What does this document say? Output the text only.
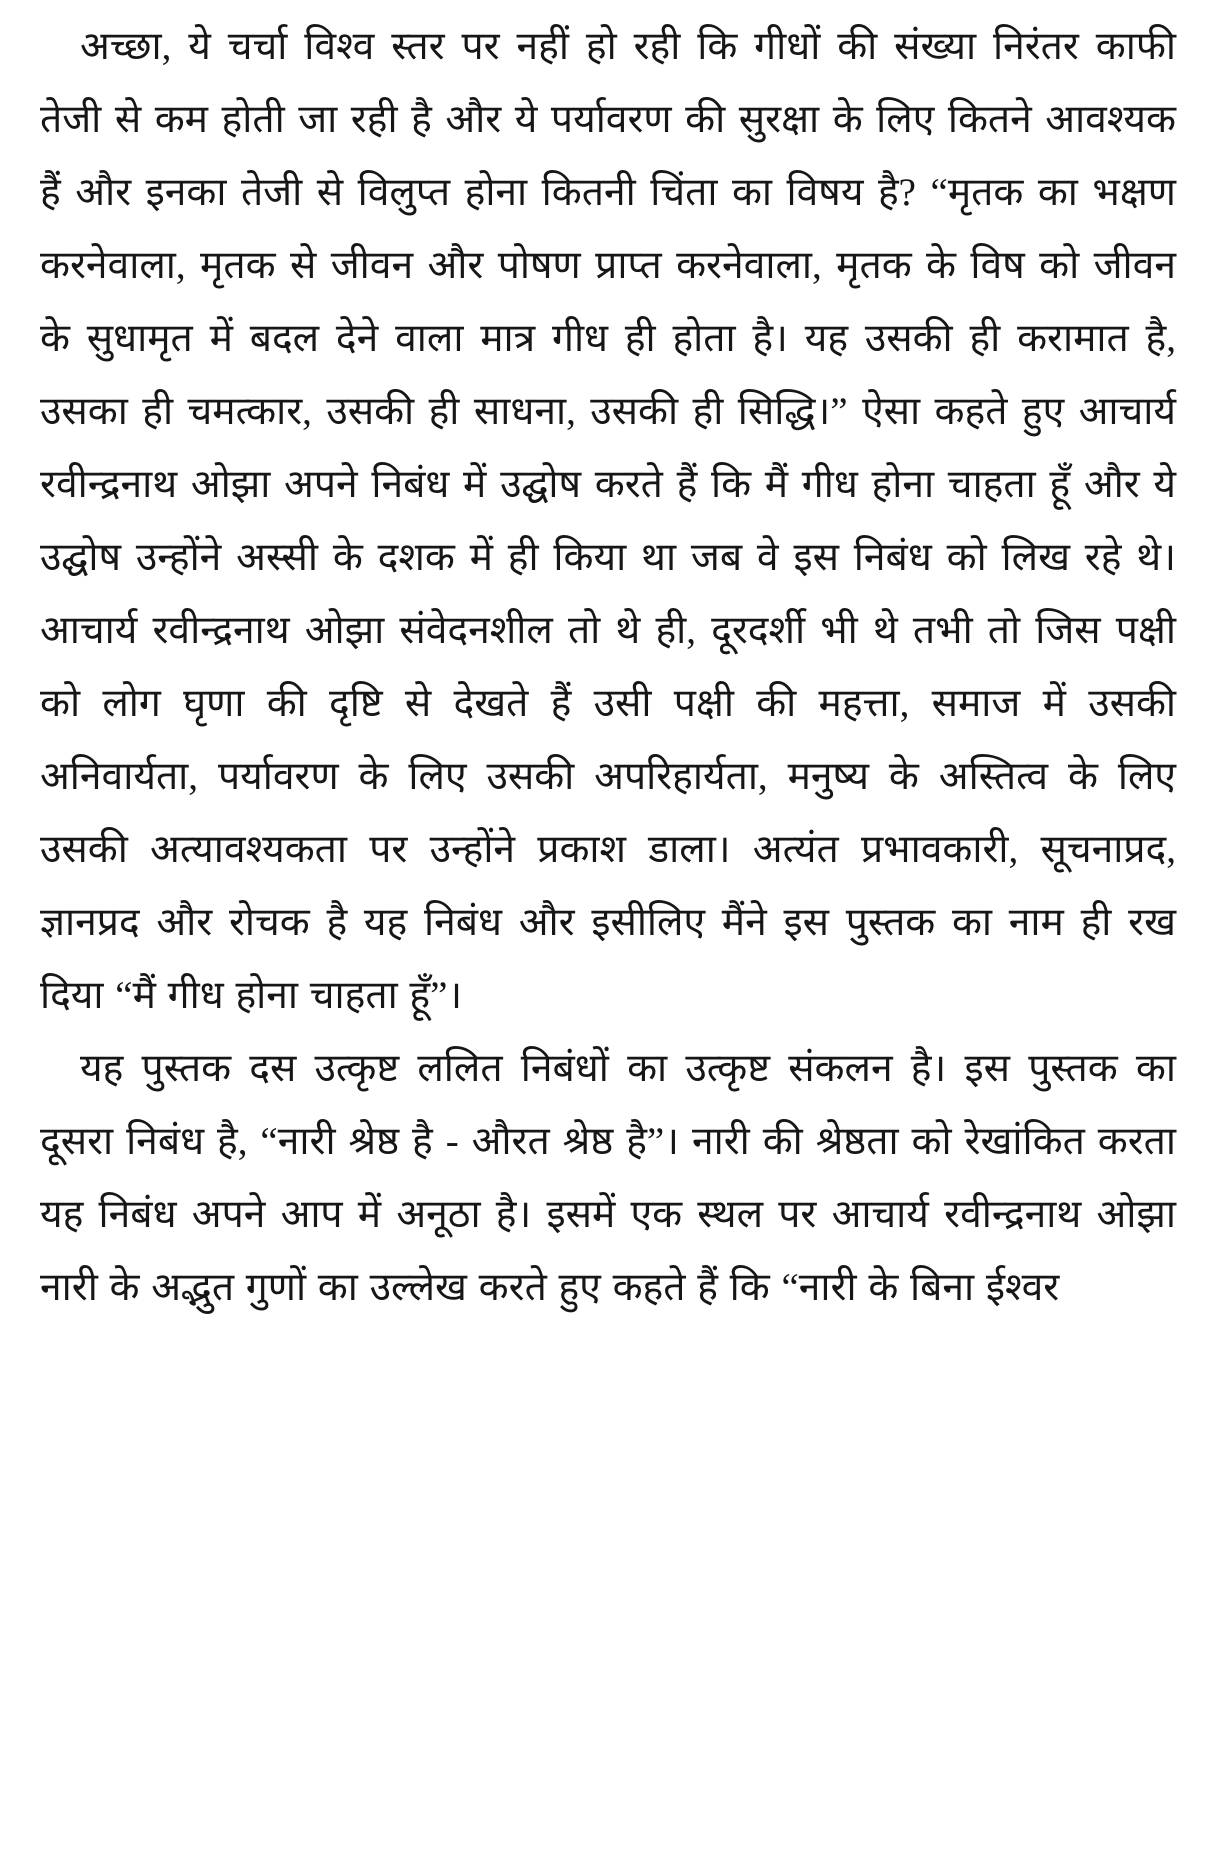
अच्छा, ये चर्चा विश्व स्तर पर नहीं हो रही कि गीधों की संख्या निरंतर काफी तेजी से कम होती जा रही है और ये पर्यावरण की सुरक्षा के लिए कितने आवश्यक हैं और इनका तेजी से विलुप्त होना कितनी चिंता का विषय है? “मृतक का भक्षण करनेवाला, मृतक से जीवन और पोषण प्राप्त करनेवाला, मृतक के विष को जीवन के सुधामृत में बदल देने वाला मात्र गीध ही होता है। यह उसकी ही करामात है, उसका ही चमत्कार, उसकी ही साधना, उसकी ही सिद्धि।” ऐसा कहते हुए आचार्य रवीन्द्रनाथ ओझा अपने निबंध में उद्घोष करते हैं कि मैं गीध होना चाहता हूँ और ये उद्घोष उन्होंने अस्सी के दशक में ही किया था जब वे इस निबंध को लिख रहे थे। आचार्य रवीन्द्रनाथ ओझा संवेदनशील तो थे ही, दूरदर्शी भी थे तभी तो जिस पक्षी को लोग घृणा की दृष्टि से देखते हैं उसी पक्षी की महत्ता, समाज में उसकी अनिवार्यता, पर्यावरण के लिए उसकी अपरिहार्यता, मनुष्य के अस्तित्व के लिए उसकी अत्यावश्यकता पर उन्होंने प्रकाश डाला। अत्यंत प्रभावकारी, सूचनाप्रद, ज्ञानप्रद और रोचक है यह निबंध और इसीलिए मैंने इस पुस्तक का नाम ही रख दिया “मैं गीध होना चाहता हूँ”।

यह पुस्तक दस उत्कृष्ट ललित निबंधों का उत्कृष्ट संकलन है। इस पुस्तक का दूसरा निबंध है, “नारी श्रेष्ठ है - औरत श्रेष्ठ है”। नारी की श्रेष्ठता को रेखांकित करता यह निबंध अपने आप में अनूठा है। इसमें एक स्थल पर आचार्य रवीन्द्रनाथ ओझा नारी के अद्भुत गुणों का उल्लेख करते हुए कहते हैं कि “नारी के बिना ईश्वर
